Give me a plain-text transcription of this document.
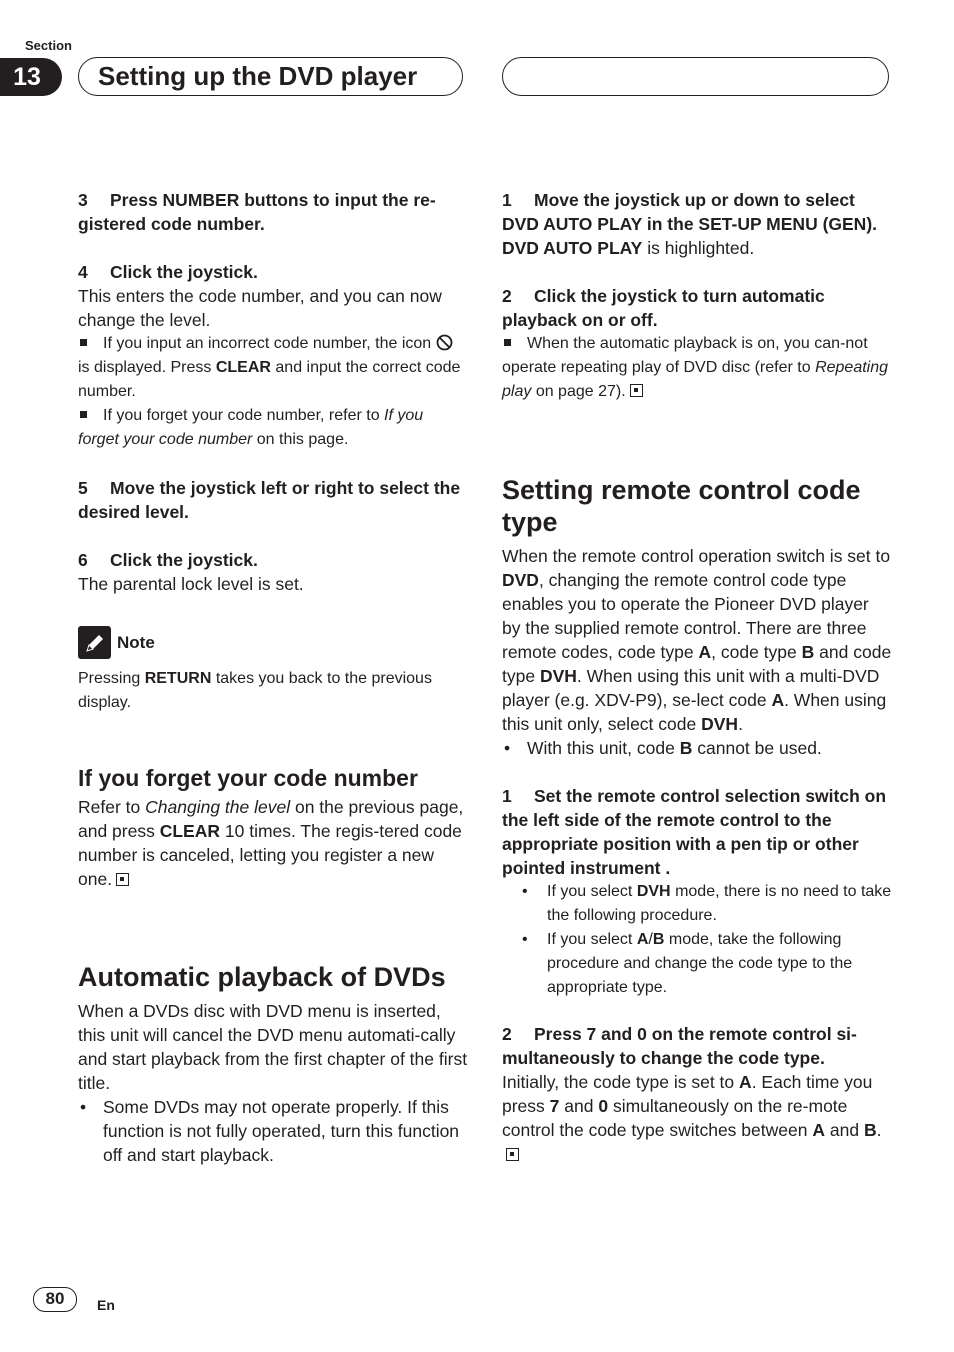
Section
13	Setting up the DVD player

3 Press NUMBER buttons to input the re-gistered code number.

4 Click the joystick.

This enters the code number, and you can now change the level.

If you input an incorrect code number, the icon  is displayed. Press CLEAR and input the correct code number.

If you forget your code number, refer to If you forget your code number on this page.

5 Move the joystick left or right to select the desired level.

6 Click the joystick.

The parental lock level is set.

Note

Pressing RETURN takes you back to the previous display.

If you forget your code number

Refer to Changing the level on the previous page, and press CLEAR 10 times. The regis-tered code number is canceled, letting you register a new one.

Automatic playback of DVDs

When a DVDs disc with DVD menu is inserted, this unit will cancel the DVD menu automati-cally and start playback from the first chapter of the first title.

• Some DVDs may not operate properly. If this function is not fully operated, turn this function off and start playback.

1 Move the joystick up or down to select DVD AUTO PLAY in the SET-UP MENU (GEN).

DVD AUTO PLAY is highlighted.

2 Click the joystick to turn automatic playback on or off.

When the automatic playback is on, you can-not operate repeating play of DVD disc (refer to Repeating play on page 27).

Setting remote control code type

When the remote control operation switch is set to DVD, changing the remote control code type enables you to operate the Pioneer DVD player by the supplied remote control. There are three remote codes, code type A, code type B and code type DVH. When using this unit with a multi-DVD player (e.g. XDV-P9), se-lect code A. When using this unit only, select code DVH.

• With this unit, code B cannot be used.

1 Set the remote control selection switch on the left side of the remote control to the appropriate position with a pen tip or other pointed instrument .

• If you select DVH mode, there is no need to take the following procedure.

• If you select A/B mode, take the following procedure and change the code type to the appropriate type.

2 Press 7 and 0 on the remote control si-multaneously to change the code type.

Initially, the code type is set to A. Each time you press 7 and 0 simultaneously on the re-mote control the code type switches between A and B.

80	En
